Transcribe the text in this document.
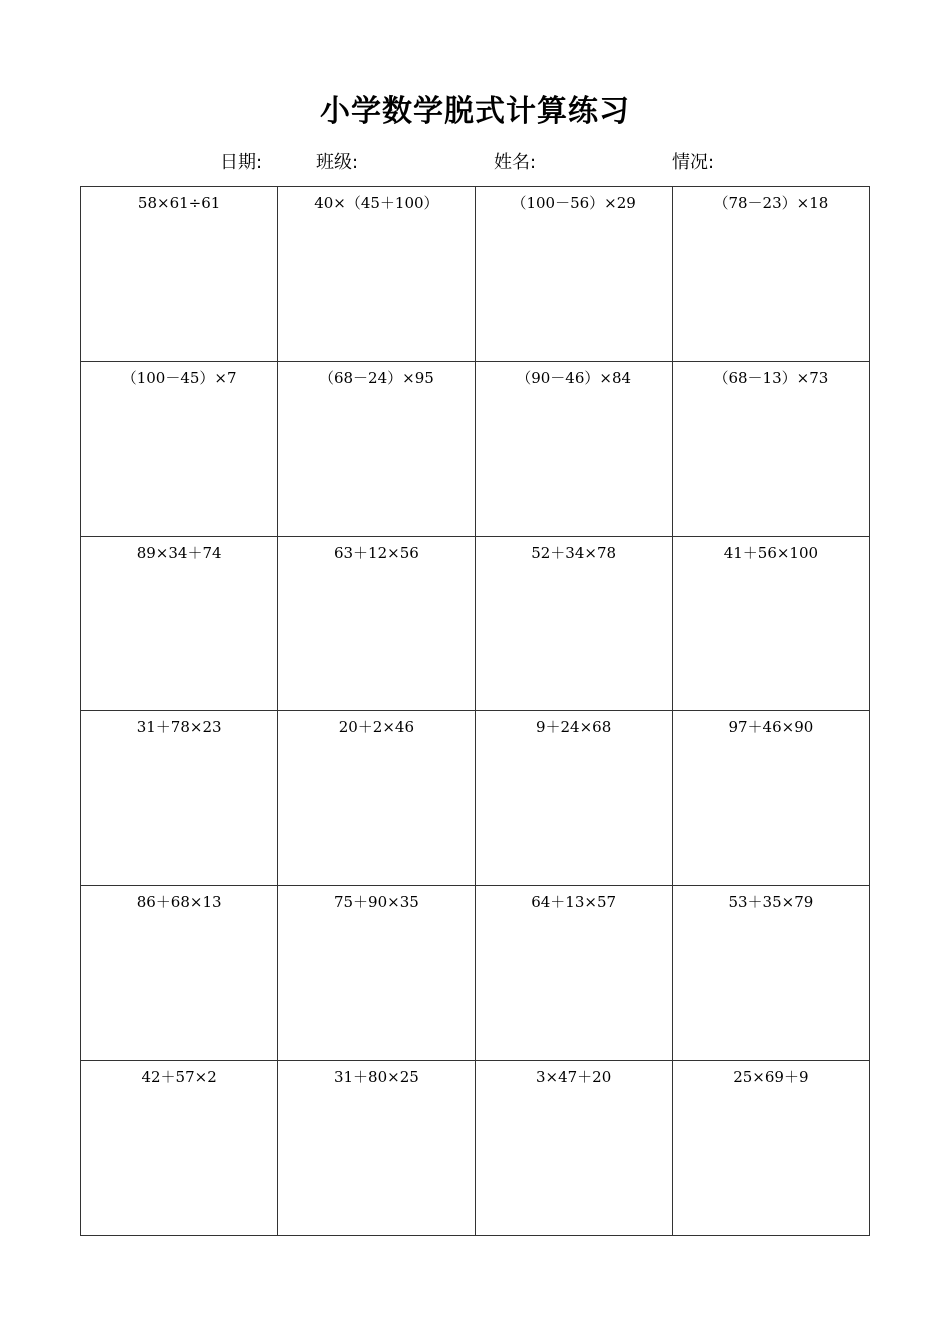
小学数学脱式计算练习
日期:	班级:	姓名:	情况:
58×61÷61	40×（45＋100）	（100－56）×29	（78－23）×18
（100－45）×7	（68－24）×95	（90－46）×84	（68－13）×73
89×34＋74	63＋12×56	52＋34×78	41＋56×100
31＋78×23	20＋2×46	9＋24×68	97＋46×90
86＋68×13	75＋90×35	64＋13×57	53＋35×79
42＋57×2	31＋80×25	3×47＋20	25×69＋9
